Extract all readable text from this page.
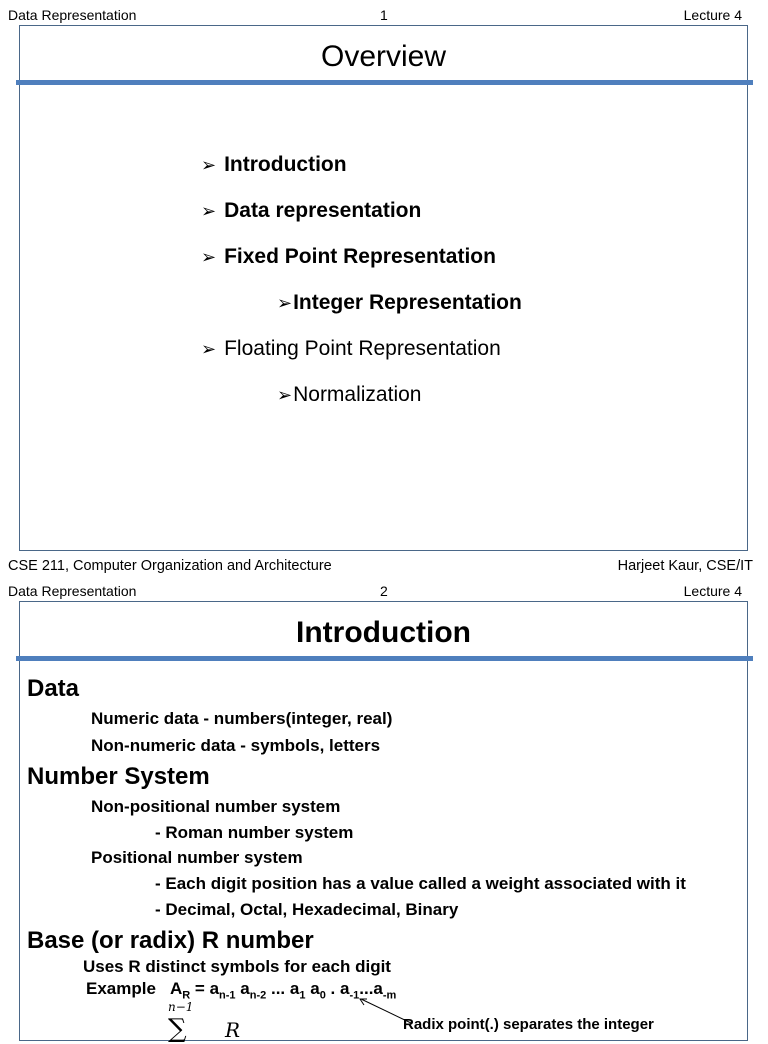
Data Representation	1	Lecture 4
Overview
➢ Introduction
➢ Data representation
➢ Fixed Point Representation
➢Integer Representation
➢ Floating Point Representation
➢Normalization
CSE 211, Computer Organization and Architecture	Harjeet Kaur, CSE/IT
Data Representation	2	Lecture 4
Introduction
Data
Numeric data - numbers(integer, real)
Non-numeric data - symbols, letters
Number System
Non-positional number system
- Roman number system
Positional number system
- Each digit position has a value called a weight associated with it
- Decimal, Octal, Hexadecimal, Binary
Base (or radix) R number
Uses R distinct symbols for each digit
Example $A_R = a_{n-1}$ $a_{n-2}$ ... $a_1$ $a_0$ . $a_{-1}...a_{-m}$
n−1
∑ R	Radix point(.) separates the integer
